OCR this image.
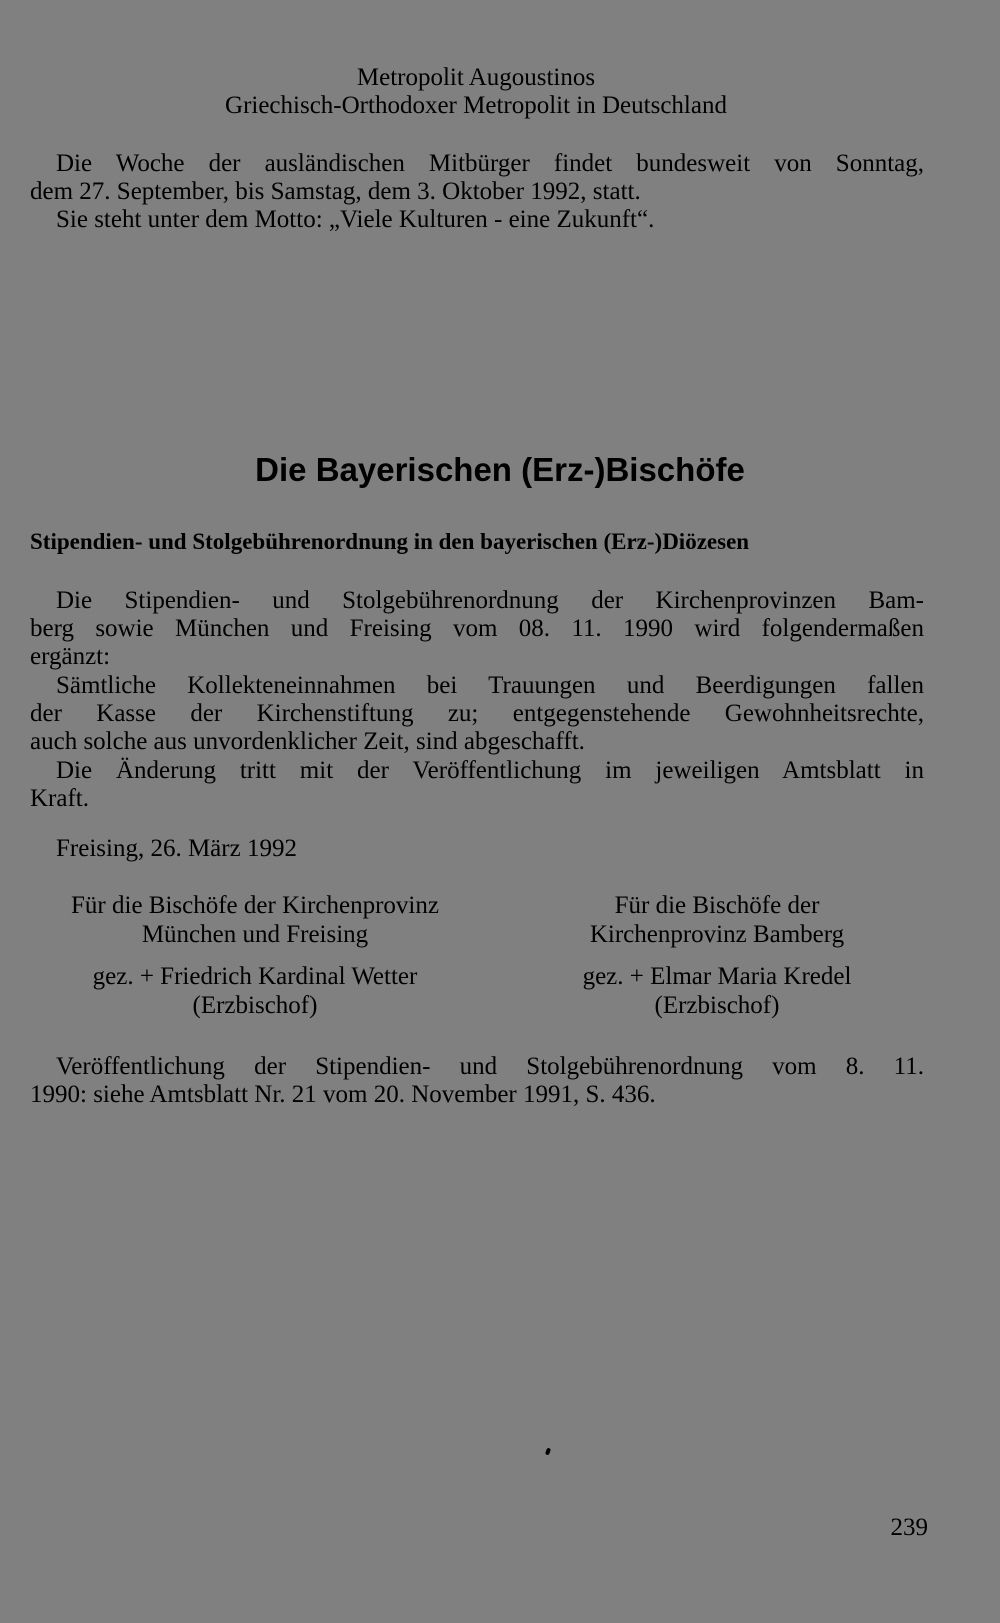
Metropolit Augoustinos
Griechisch-Orthodoxer Metropolit in Deutschland
Die Woche der ausländischen Mitbürger findet bundesweit von Sonntag,
dem 27. September, bis Samstag, dem 3. Oktober 1992, statt.
Sie steht unter dem Motto: „Viele Kulturen - eine Zukunft“.
Die Bayerischen (Erz-)Bischöfe
Stipendien- und Stolgebührenordnung in den bayerischen (Erz-)Diözesen
Die Stipendien- und Stolgebührenordnung der Kirchenprovinzen Bam-
berg sowie München und Freising vom 08. 11. 1990 wird folgendermaßen
ergänzt:
Sämtliche Kollekteneinnahmen bei Trauungen und Beerdigungen fallen
der Kasse der Kirchenstiftung zu; entgegenstehende Gewohnheitsrechte,
auch solche aus unvordenklicher Zeit, sind abgeschafft.
Die Änderung tritt mit der Veröffentlichung im jeweiligen Amtsblatt in
Kraft.
Freising, 26. März 1992
Für die Bischöfe der Kirchenprovinz
München und Freising
gez. + Friedrich Kardinal Wetter
(Erzbischof)
Für die Bischöfe der
Kirchenprovinz Bamberg
gez. + Elmar Maria Kredel
(Erzbischof)
Veröffentlichung der Stipendien- und Stolgebührenordnung vom 8. 11.
1990: siehe Amtsblatt Nr. 21 vom 20. November 1991, S. 436.
239
